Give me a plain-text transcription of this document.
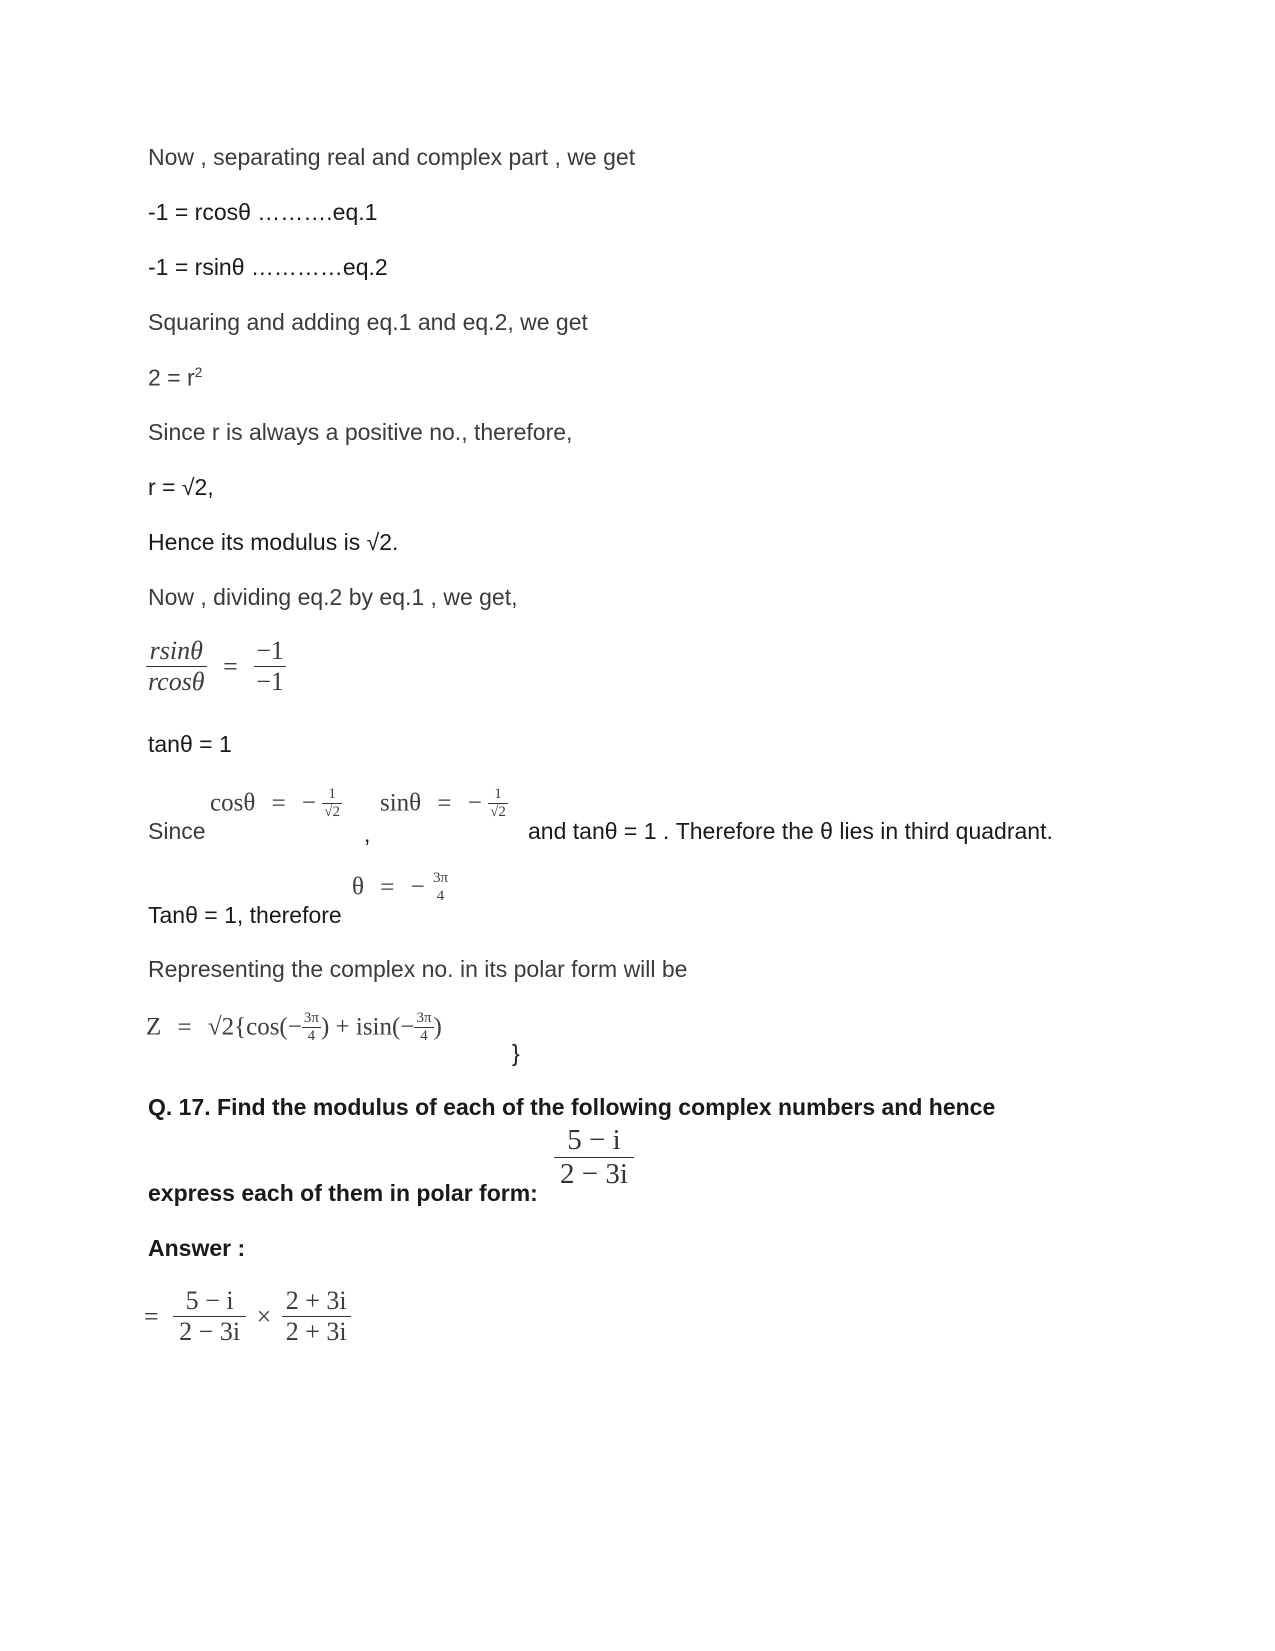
Now , separating real and complex part , we get
-1 = rcosθ ……….eq.1
-1 = rsinθ …………eq.2
Squaring and adding eq.1 and eq.2, we get
$2 = r^2$
Since r is always a positive no., therefore,
r = √2,
Hence its modulus is √2.
Now , dividing eq.2 by eq.1 , we get,
$\frac{rsin\theta}{rcos\theta} = \frac{-1}{-1}$
tanθ = 1
Since
cosθ = − $\frac{1}{√2}$
,
sinθ = − $\frac{1}{√2}$
and tanθ = 1 . Therefore the θ lies in third quadrant.
Tanθ = 1, therefore
θ = − 3π
4
Representing the complex no. in its polar form will be
$Z = √2\{\cos(- \frac{3\pi}{4}$ ) + $isin(- \frac{3\pi}{4}$ )
}
Q. 17. Find the modulus of each of the following complex numbers and hence
express each of them in polar form:
$\frac{5 - i}{2 - 3i}$
Answer :
= $\frac{5 - i}{2 - 3i} \times \frac{2 + 3i}{2 + 3i}$
